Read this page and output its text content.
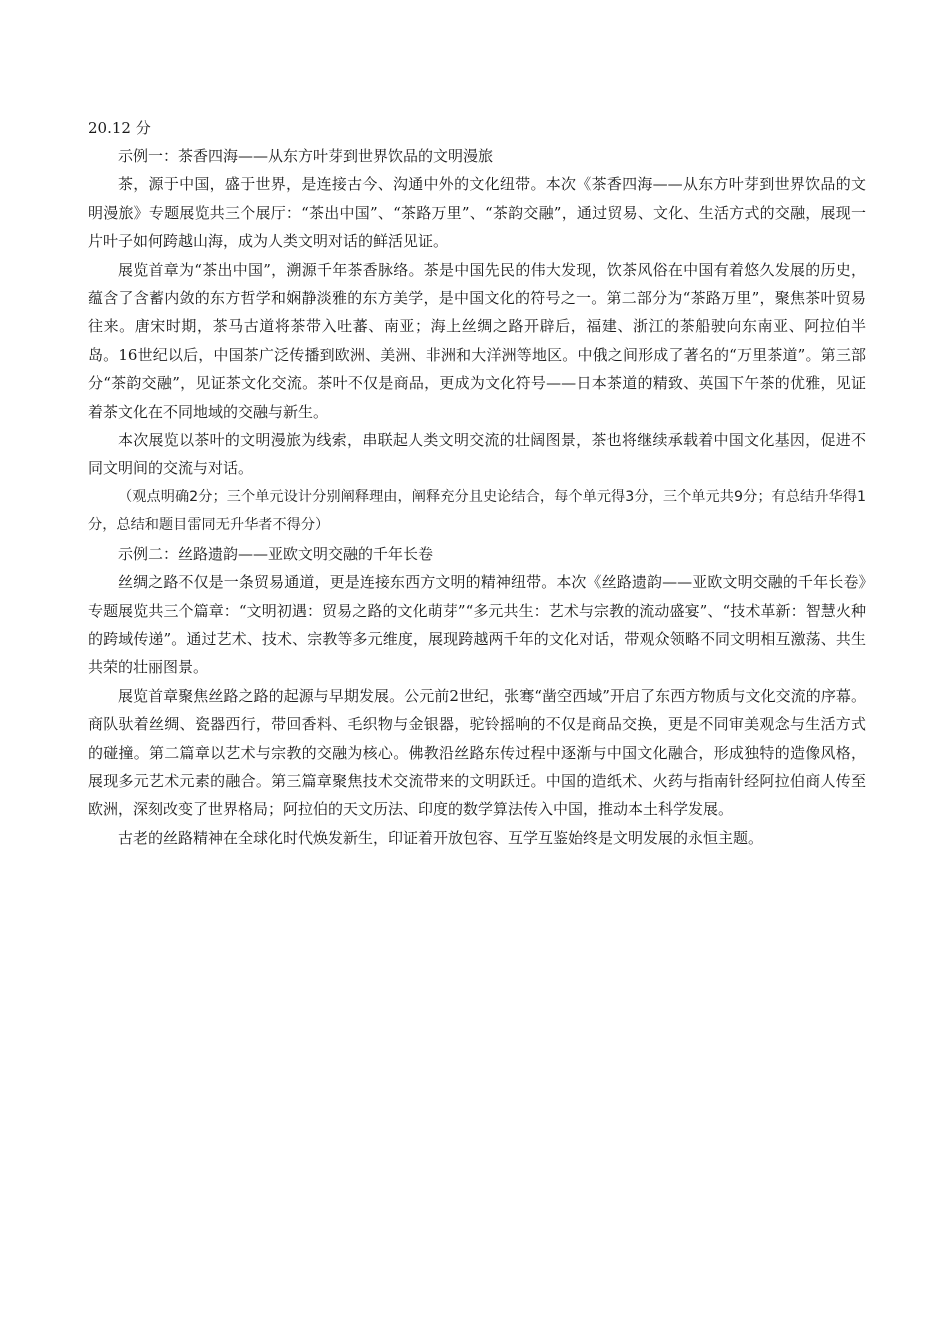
20.12 分

示例一：茶香四海——从东方叶芽到世界饮品的文明漫旅

茶，源于中国，盛于世界，是连接古今、沟通中外的文化纽带。本次《茶香四海——从东方叶芽到世界饮品的文明漫旅》专题展览共三个展厅：“茶出中国”、“茶路万里”、“茶韵交融”，通过贸易、文化、生活方式的交融，展现一片叶子如何跨越山海，成为人类文明对话的鲜活见证。

展览首章为“茶出中国”，溯源千年茶香脉络。茶是中国先民的伟大发现，饮茶风俗在中国有着悠久发展的历史，蕴含了含蓄内敛的东方哲学和娴静淡雅的东方美学，是中国文化的符号之一。第二部分为“茶路万里”，聚焦茶叶贸易往来。唐宋时期，茶马古道将茶带入吐蕃、南亚；海上丝绸之路开辟后，福建、浙江的茶船驶向东南亚、阿拉伯半岛。16世纪以后，中国茶广泛传播到欧洲、美洲、非洲和大洋洲等地区。中俄之间形成了著名的“万里茶道”。第三部分“茶韵交融”，见证茶文化交流。茶叶不仅是商品，更成为文化符号——日本茶道的精致、英国下午茶的优雅，见证着茶文化在不同地域的交融与新生。

本次展览以茶叶的文明漫旅为线索，串联起人类文明交流的壮阔图景，茶也将继续承载着中国文化基因，促进不同文明间的交流与对话。

（观点明确2分；三个单元设计分别阐释理由，阐释充分且史论结合，每个单元得3分，三个单元共9分；有总结升华得1分，总结和题目雷同无升华者不得分）

示例二：丝路遗韵——亚欧文明交融的千年长卷

丝绸之路不仅是一条贸易通道，更是连接东西方文明的精神纽带。本次《丝路遗韵——亚欧文明交融的千年长卷》专题展览共三个篇章：“文明初遇：贸易之路的文化萌芽”“多元共生：艺术与宗教的流动盛宴”、“技术革新：智慧火种的跨域传递”。通过艺术、技术、宗教等多元维度，展现跨越两千年的文化对话，带观众领略不同文明相互激荡、共生共荣的壮丽图景。

展览首章聚焦丝路之路的起源与早期发展。公元前2世纪，张骞“凿空西域”开启了东西方物质与文化交流的序幕。商队驮着丝绸、瓷器西行，带回香料、毛织物与金银器，驼铃摇响的不仅是商品交换，更是不同审美观念与生活方式的碰撞。第二篇章以艺术与宗教的交融为核心。佛教沿丝路东传过程中逐渐与中国文化融合，形成独特的造像风格，展现多元艺术元素的融合。第三篇章聚焦技术交流带来的文明跃迁。中国的造纸术、火药与指南针经阿拉伯商人传至欧洲，深刻改变了世界格局；阿拉伯的天文历法、印度的数学算法传入中国，推动本土科学发展。

古老的丝路精神在全球化时代焕发新生，印证着开放包容、互学互鉴始终是文明发展的永恒主题。
